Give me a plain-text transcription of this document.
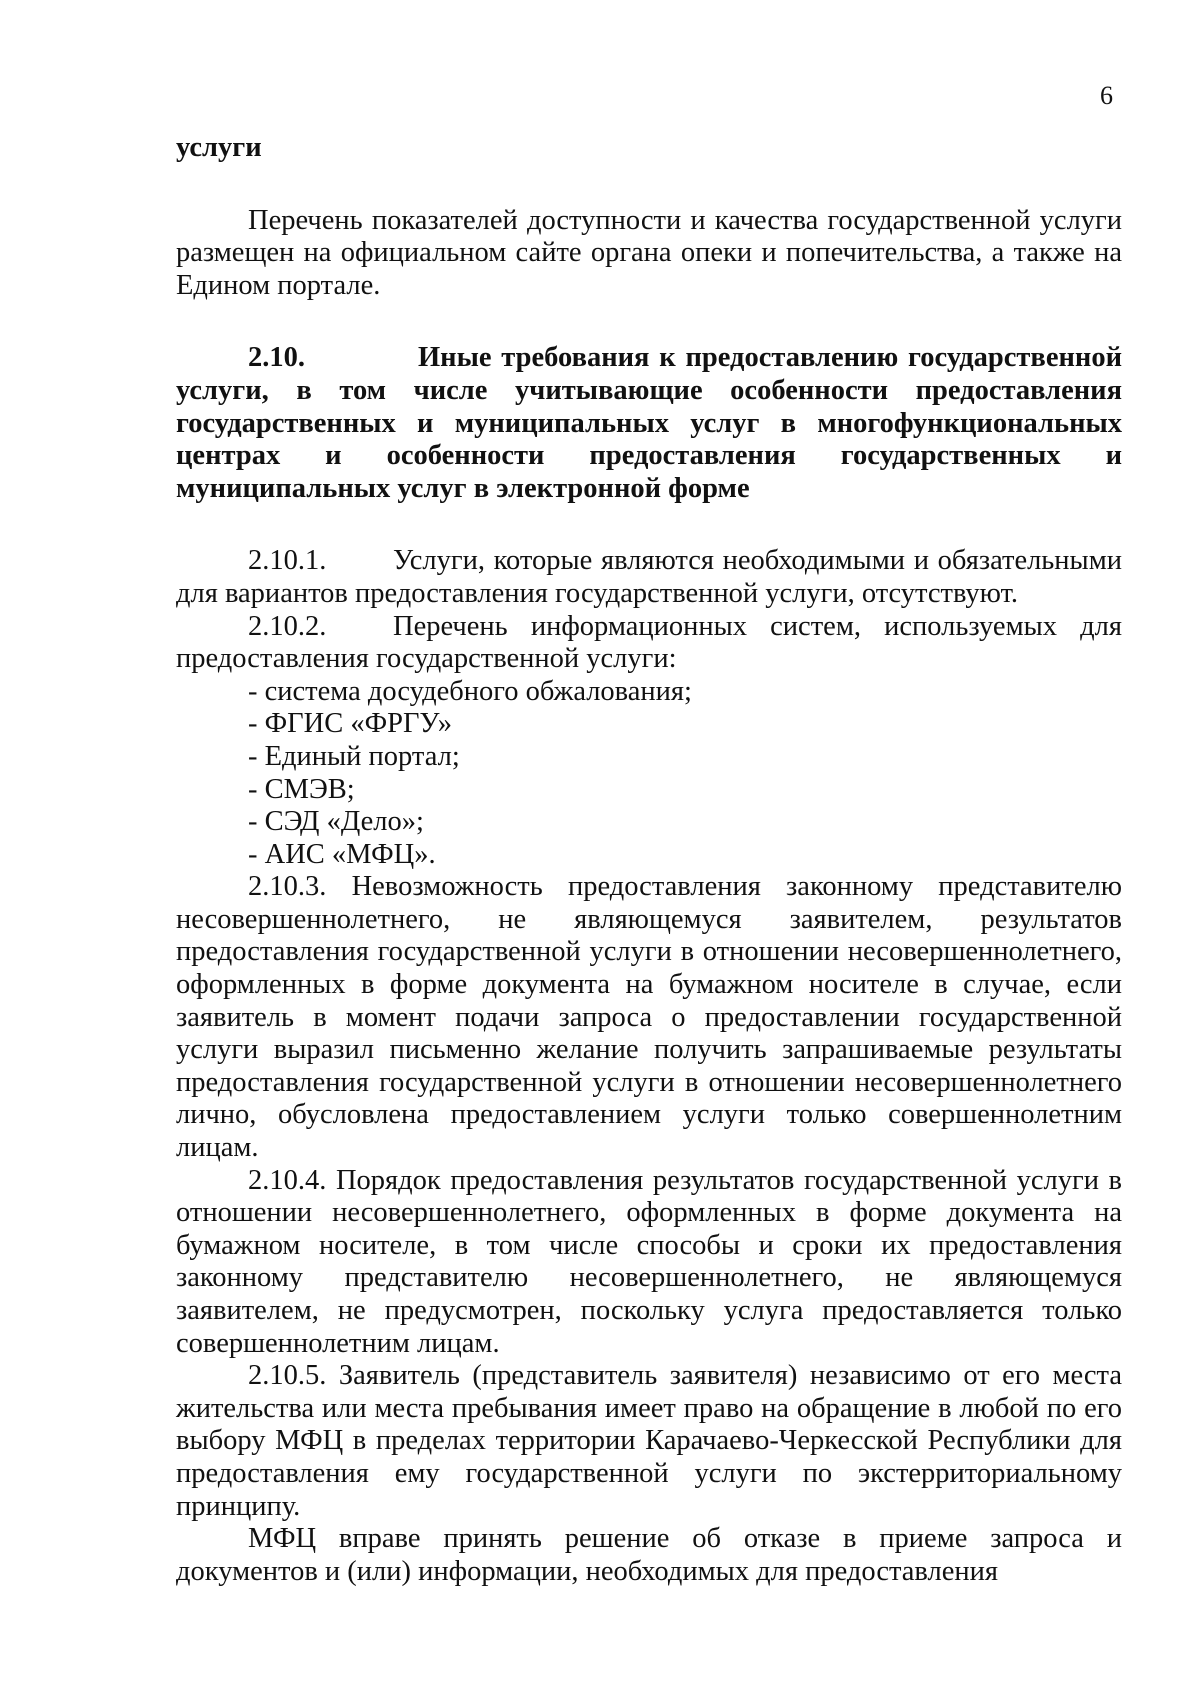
6

услуги

Перечень показателей доступности и качества государственной услуги размещен на официальном сайте органа опеки и попечительства, а также на Едином портале.

2.10.	Иные требования к предоставлению государственной услуги, в том числе учитывающие особенности предоставления государственных и муниципальных услуг в многофункциональных центрах и особенности предоставления государственных и муниципальных услуг в электронной форме

2.10.1. Услуги, которые являются необходимыми и обязательными для вариантов предоставления государственной услуги, отсутствуют.

2.10.2. Перечень информационных систем, используемых для предоставления государственной услуги:

- система досудебного обжалования;

- ФГИС «ФРГУ»

- Единый портал;

- СМЭВ;

- СЭД «Дело»;

- АИС «МФЦ».

2.10.3. Невозможность предоставления законному представителю несовершеннолетнего, не являющемуся заявителем, результатов предоставления государственной услуги в отношении несовершеннолетнего, оформленных в форме документа на бумажном носителе в случае, если заявитель в момент подачи запроса о предоставлении государственной услуги выразил письменно желание получить запрашиваемые результаты предоставления государственной услуги в отношении несовершеннолетнего лично, обусловлена предоставлением услуги только совершеннолетним лицам.

2.10.4. Порядок предоставления результатов государственной услуги в отношении несовершеннолетнего, оформленных в форме документа на бумажном носителе, в том числе способы и сроки их предоставления законному представителю несовершеннолетнего, не являющемуся заявителем, не предусмотрен, поскольку услуга предоставляется только совершеннолетним лицам.

2.10.5. Заявитель (представитель заявителя) независимо от его места жительства или места пребывания имеет право на обращение в любой по его выбору МФЦ в пределах территории Карачаево-Черкесской Республики для предоставления ему государственной услуги по экстерриториальному принципу.

МФЦ вправе принять решение об отказе в приеме запроса и документов и (или) информации, необходимых для предоставления
